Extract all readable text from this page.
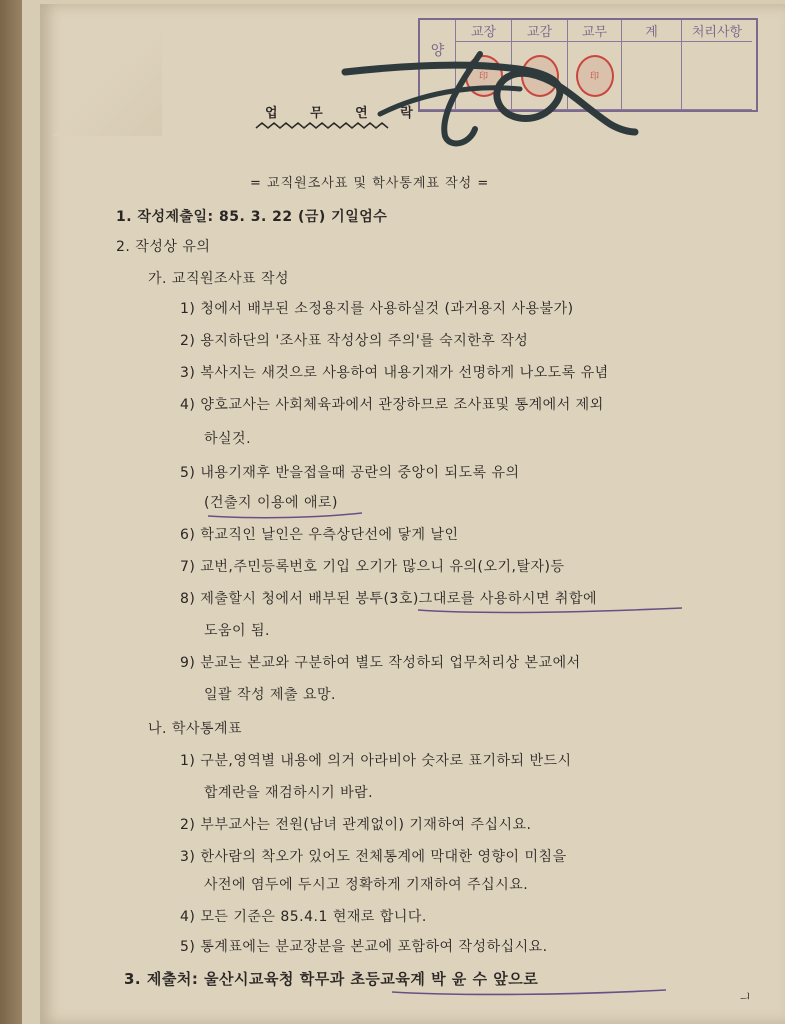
양
교장	교감	교무	계	처리사항
印	印	印
업 무 연 락
= 교직원조사표 및 학사통계표 작성 =
1. 작성제출일: 85. 3. 22 (금) 기일엄수
2. 작성상 유의
가. 교직원조사표 작성
1) 청에서 배부된 소정용지를 사용하실것 (과거용지 사용불가)
2) 용지하단의 '조사표 작성상의 주의'를 숙지한후 작성
3) 복사지는 새것으로 사용하여 내용기재가 선명하게 나오도록 유념
4) 양호교사는 사회체육과에서 관장하므로 조사표및 통계에서 제외
하실것.
5) 내용기재후 반을접을때 공란의 중앙이 되도록 유의
(건출지 이용에 애로)
6) 학교직인 날인은 우측상단선에 닿게 날인
7) 교번,주민등록번호 기입 오기가 많으니 유의(오기,탈자)등
8) 제출할시 청에서 배부된 봉투(3호)그대로를 사용하시면 취합에
도움이 됨.
9) 분교는 본교와 구분하여 별도 작성하되 업무처리상 본교에서
일괄 작성 제출 요망.
나. 학사통계표
1) 구분,영역별 내용에 의거 아라비아 숫자로 표기하되 반드시
합계란을 재검하시기 바람.
2) 부부교사는 전원(남녀 관계없이) 기재하여 주십시요.
3) 한사람의 착오가 있어도 전체통계에 막대한 영향이 미침을
사전에 염두에 두시고 정확하게 기재하여 주십시요.
4) 모든 기준은 85.4.1 현재로 합니다.
5) 통계표에는 분교장분을 본교에 포함하여 작성하십시요.
3. 제출처: 울산시교육청 학무과 초등교육계 박 윤 수 앞으로
ᅴ
